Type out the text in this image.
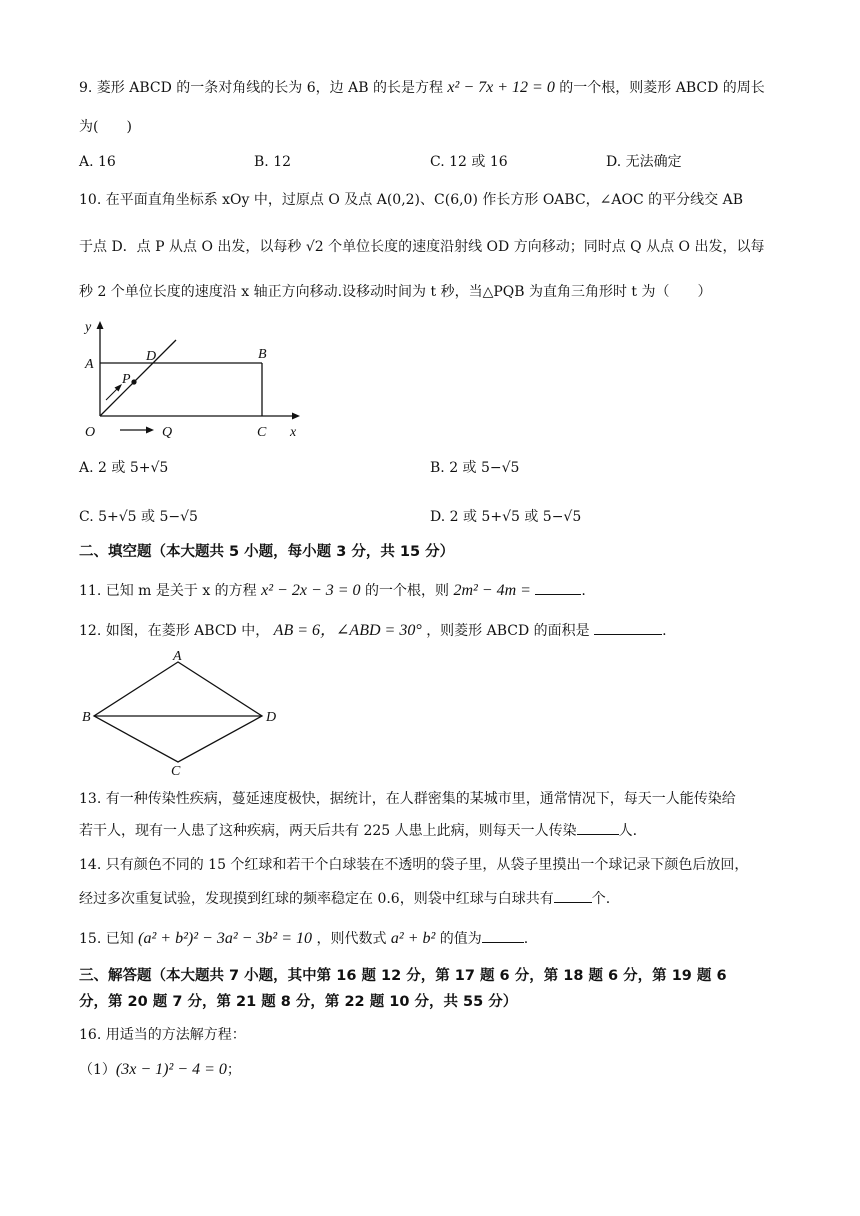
9. 菱形 ABCD 的一条对角线的长为 6，边 AB 的长是方程 x² − 7x + 12 = 0 的一个根，则菱形 ABCD 的周长
为(　　)
A. 16	B. 12	C. 12 或 16	D. 无法确定
10. 在平面直角坐标系 xOy 中，过原点 O 及点 A(0,2)、C(6,0) 作长方形 OABC，∠AOC 的平分线交 AB
于点 D．点 P 从点 O 出发，以每秒 √2 个单位长度的速度沿射线 OD 方向移动；同时点 Q 从点 O 出发，以每
秒 2 个单位长度的速度沿 x 轴正方向移动.设移动时间为 t 秒，当△PQB 为直角三角形时 t 为（　　）
y
A
D	B
P
O	Q	C x
A. 2 或 5+√5	B. 2 或 5−√5
C. 5+√5 或 5−√5	D. 2 或 5+√5 或 5−√5
二、填空题（本大题共 5 小题，每小题 3 分，共 15 分）
11. 已知 m 是关于 x 的方程 x² − 2x − 3 = 0 的一个根，则 2m² − 4m =	.
12. 如图，在菱形 ABCD 中， AB = 6，∠ABD = 30° ，则菱形 ABCD 的面积是	.
A
B	D
C
13. 有一种传染性疾病，蔓延速度极快，据统计，在人群密集的某城市里，通常情况下，每天一人能传染给
若干人，现有一人患了这种疾病，两天后共有 225 人患上此病，则每天一人传染	人.
14. 只有颜色不同的 15 个红球和若干个白球装在不透明的袋子里，从袋子里摸出一个球记录下颜色后放回，
经过多次重复试验，发现摸到红球的频率稳定在 0.6，则袋中红球与白球共有	个.
15. 已知 (a² + b²)² − 3a² − 3b² = 10 ，则代数式 a² + b² 的值为	.
三、解答题（本大题共 7 小题，其中第 16 题 12 分，第 17 题 6 分，第 18 题 6 分，第 19 题 6
分，第 20 题 7 分，第 21 题 8 分，第 22 题 10 分，共 55 分）
16. 用适当的方法解方程：
（1）(3x − 1)² − 4 = 0；
